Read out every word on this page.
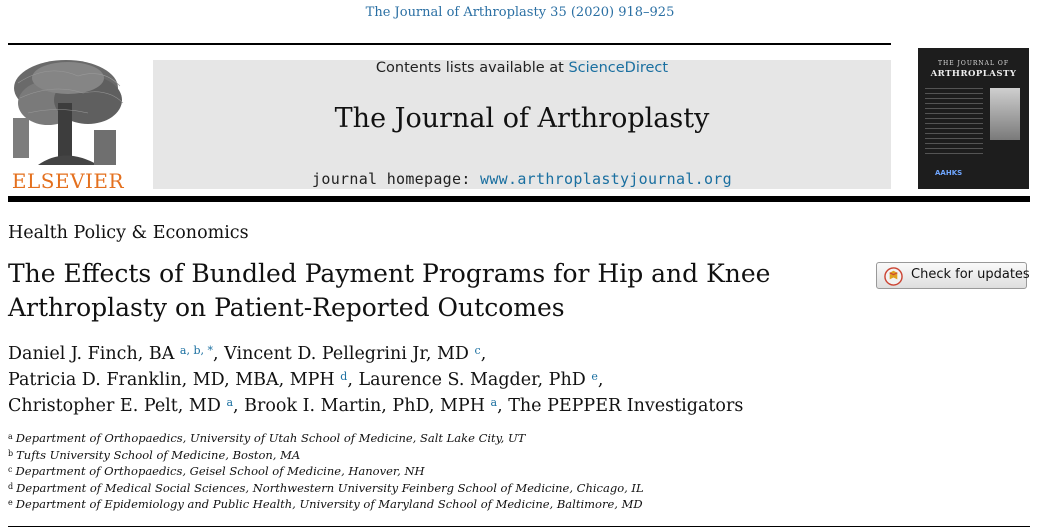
The Journal of Arthroplasty 35 (2020) 918–925
ELSEVIER
Contents lists available at ScienceDirect
The Journal of Arthroplasty
journal homepage: www.arthroplastyjournal.org
THE JOURNAL OF
ARTHROPLASTY
AAHKS
Health Policy & Economics
The Effects of Bundled Payment Programs for Hip and Knee
Arthroplasty on Patient-Reported Outcomes
Check for updates
Daniel J. Finch, BA $^{a, b, *}$, Vincent D. Pellegrini Jr, MD $^c$,
Patricia D. Franklin, MD, MBA, MPH $^d$, Laurence S. Magder, PhD $^e$,
Christopher E. Pelt, MD $^a$, Brook I. Martin, PhD, MPH $^a$, The PEPPER Investigators
$^a$ Department of Orthopaedics, University of Utah School of Medicine, Salt Lake City, UT
$^b$ Tufts University School of Medicine, Boston, MA
$^c$ Department of Orthopaedics, Geisel School of Medicine, Hanover, NH
$^d$ Department of Medical Social Sciences, Northwestern University Feinberg School of Medicine, Chicago, IL
$^e$ Department of Epidemiology and Public Health, University of Maryland School of Medicine, Baltimore, MD
